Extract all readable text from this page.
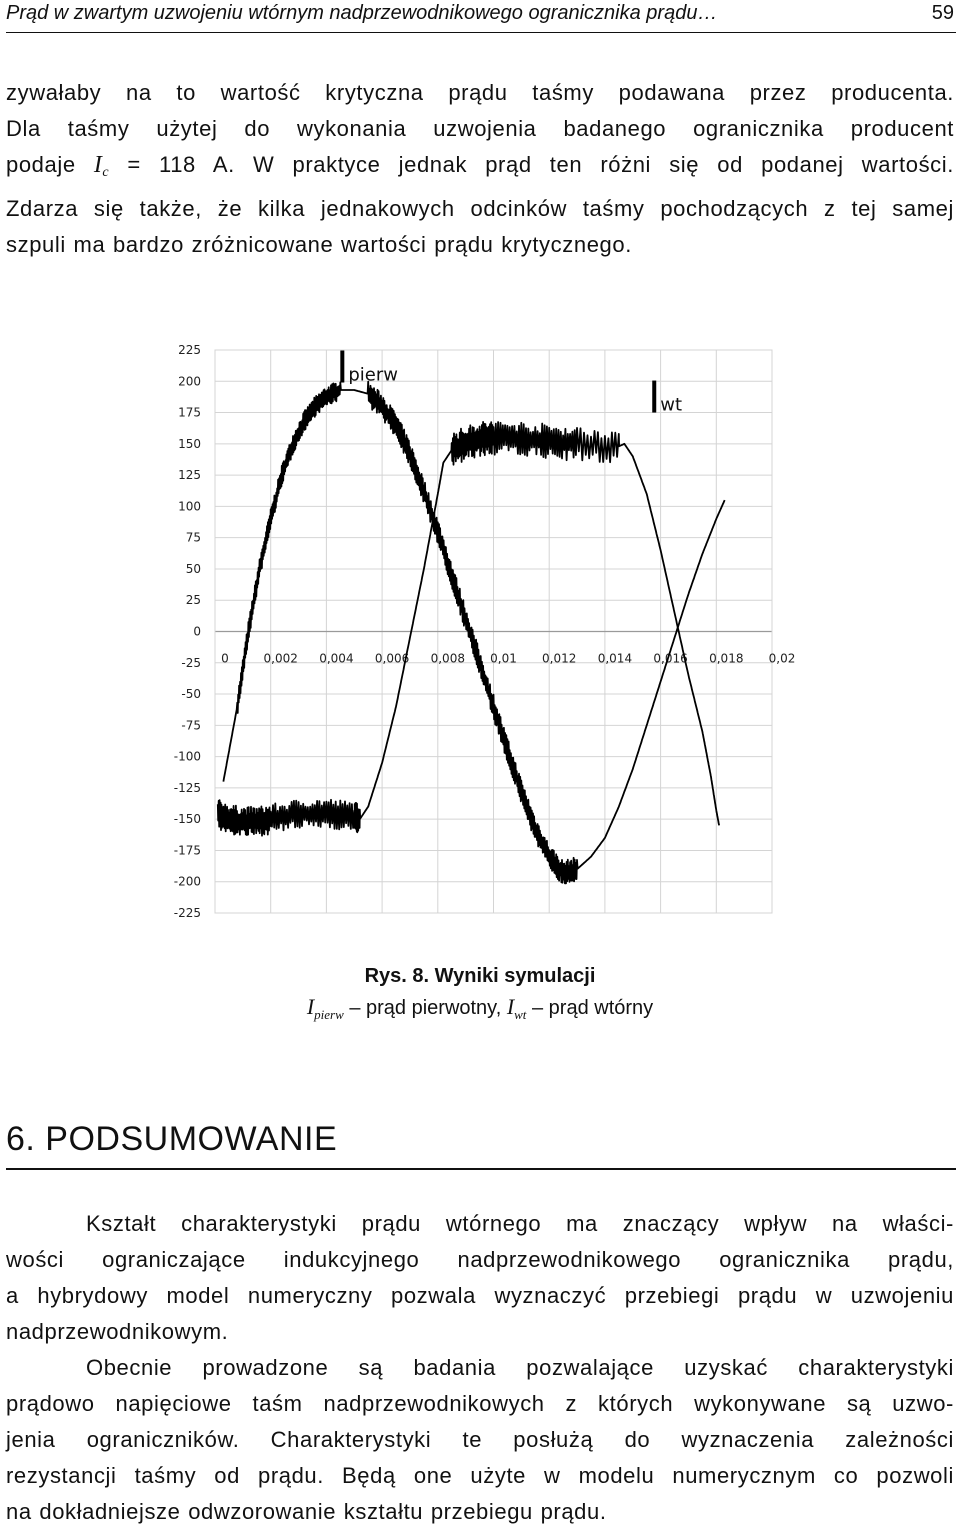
Prąd w zwartym uzwojeniu wtórnym nadprzewodnikowego ogranicznika prądu…	59
zywałaby na to wartość krytyczna prądu taśmy podawana przez producenta.
Dla taśmy użytej do wykonania uzwojenia badanego ogranicznika producent
podaje $I_c = 118$ A. W praktyce jednak prąd ten różni się od podanej wartości.
Zdarza się także, że kilka jednakowych odcinków taśmy pochodzących z tej samej
szpuli ma bardzo zróżnicowane wartości prądu krytycznego.
225
200
175
150
125
100
75
50
25
0
-25
-50
-75
-100
-125
-150
-175
-200
-225
0	0,002 0,004 0,006 0,008 0,01 0,012 0,014 0,016 0,018 0,02
pierw
wt
Rys. 8. Wyniki symulacji
$I_{pierw}$ – prąd pierwotny, $I_{wt}$ – prąd wtórny
6. PODSUMOWANIE
Kształt charakterystyki prądu wtórnego ma znaczący wpływ na właści-
wości ograniczające indukcyjnego nadprzewodnikowego ogranicznika prądu,
a hybrydowy model numeryczny pozwala wyznaczyć przebiegi prądu w uzwojeniu
nadprzewodnikowym.
Obecnie prowadzone są badania pozwalające uzyskać charakterystyki
prądowo napięciowe taśm nadprzewodnikowych z których wykonywane są uzwo-
jenia ograniczników. Charakterystyki te posłużą do wyznaczenia zależności
rezystancji taśmy od prądu. Będą one użyte w modelu numerycznym co pozwoli
na dokładniejsze odwzorowanie kształtu przebiegu prądu.
